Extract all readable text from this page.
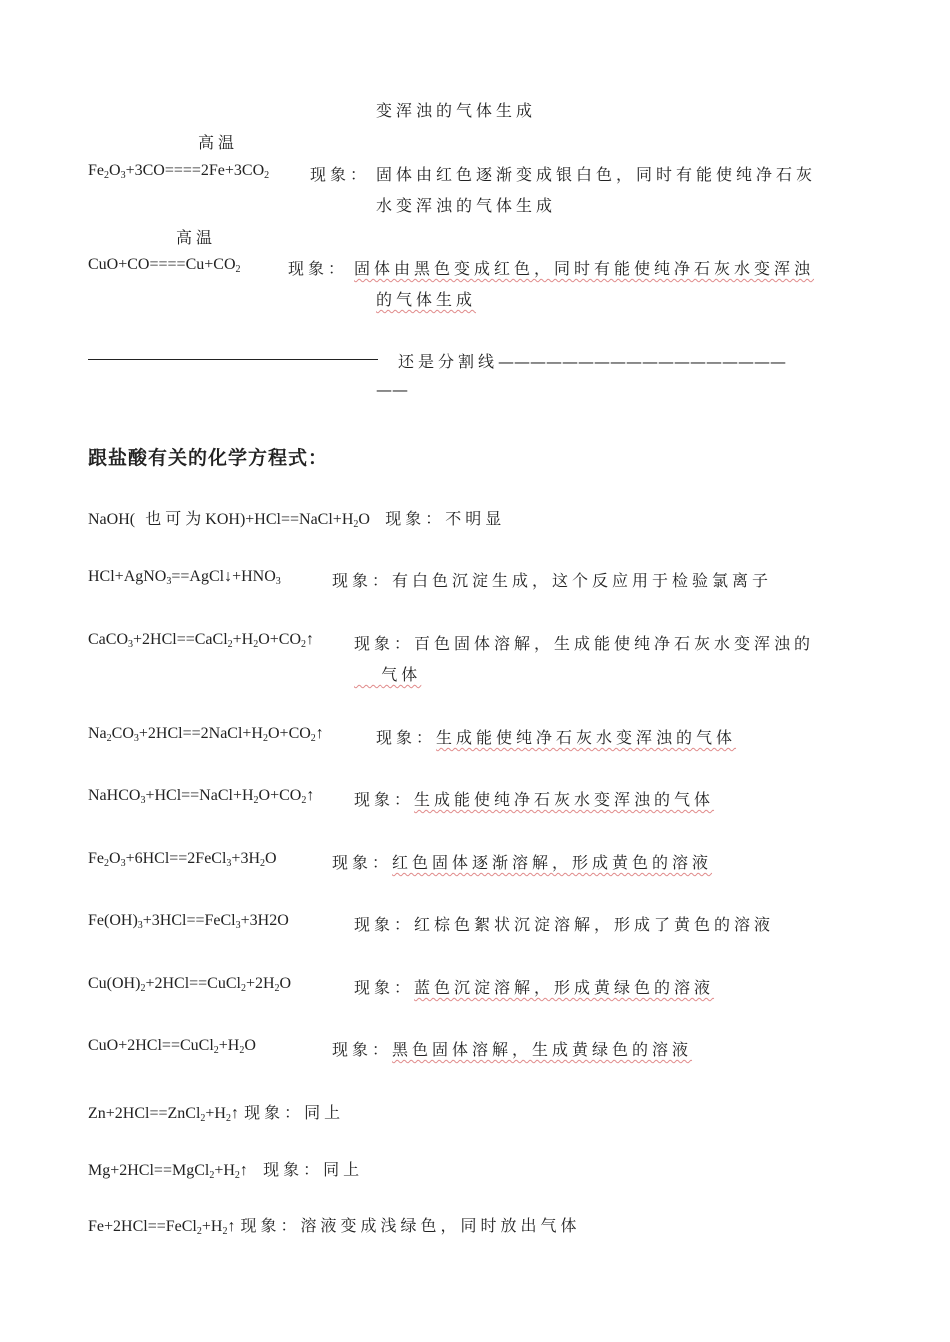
变浑浊的气体生成
高温
$Fe_2O_3+3CO====2Fe+3CO_2$	现象： 固体由红色逐渐变成银白色，同时有能使纯净石灰
水变浑浊的气体生成
高温
$CuO+CO====Cu+CO_2$	现象： 固体由黑色变成红色，同时有能使纯净石灰水变浑浊
的气体生成
还是分割线——————————————————
——
跟盐酸有关的化学方程式：
NaOH( 也可为$KOH)+HCl==NaCl+H_2O$ 现象：不明显
$HCl+AgNO_3==AgCl↓+HNO_3$	现象：有白色沉淀生成，这个反应用于检验氯离子
$CaCO_3+2HCl==CaCl_2+H_2O+CO_2↑$ 现象：百色固体溶解，生成能使纯净石灰水变浑浊的
气体
$Na_2CO_3+2HCl==2NaCl+H_2O+CO_2↑$	现象：生成能使纯净石灰水变浑浊的气体
$NaHCO_3+HCl==NaCl+H_2O+CO_2↑$ 现象：生成能使纯净石灰水变浑浊的气体
$Fe_2O_3+6HCl==2FeCl_3+3H_2O$	现象：红色固体逐渐溶解，形成黄色的溶液
$Fe(OH)_3+3HCl==FeCl_3+3H2O$	现象：红棕色絮状沉淀溶解，形成了黄色的溶液
$Cu(OH)_2+2HCl==CuCl_2+2H_2O$	现象：蓝色沉淀溶解，形成黄绿色的溶液
$CuO+2HCl==CuCl_2+H_2O$	现象：黑色固体溶解，生成黄绿色的溶液
$Zn+2HCl==ZnCl_2+H_2↑$ 现象：同上
$Mg+2HCl==MgCl_2+H_2↑$ 现象：同上
$Fe+2HCl==FeCl_2+H_2↑$ 现象：溶液变成浅绿色，同时放出气体
